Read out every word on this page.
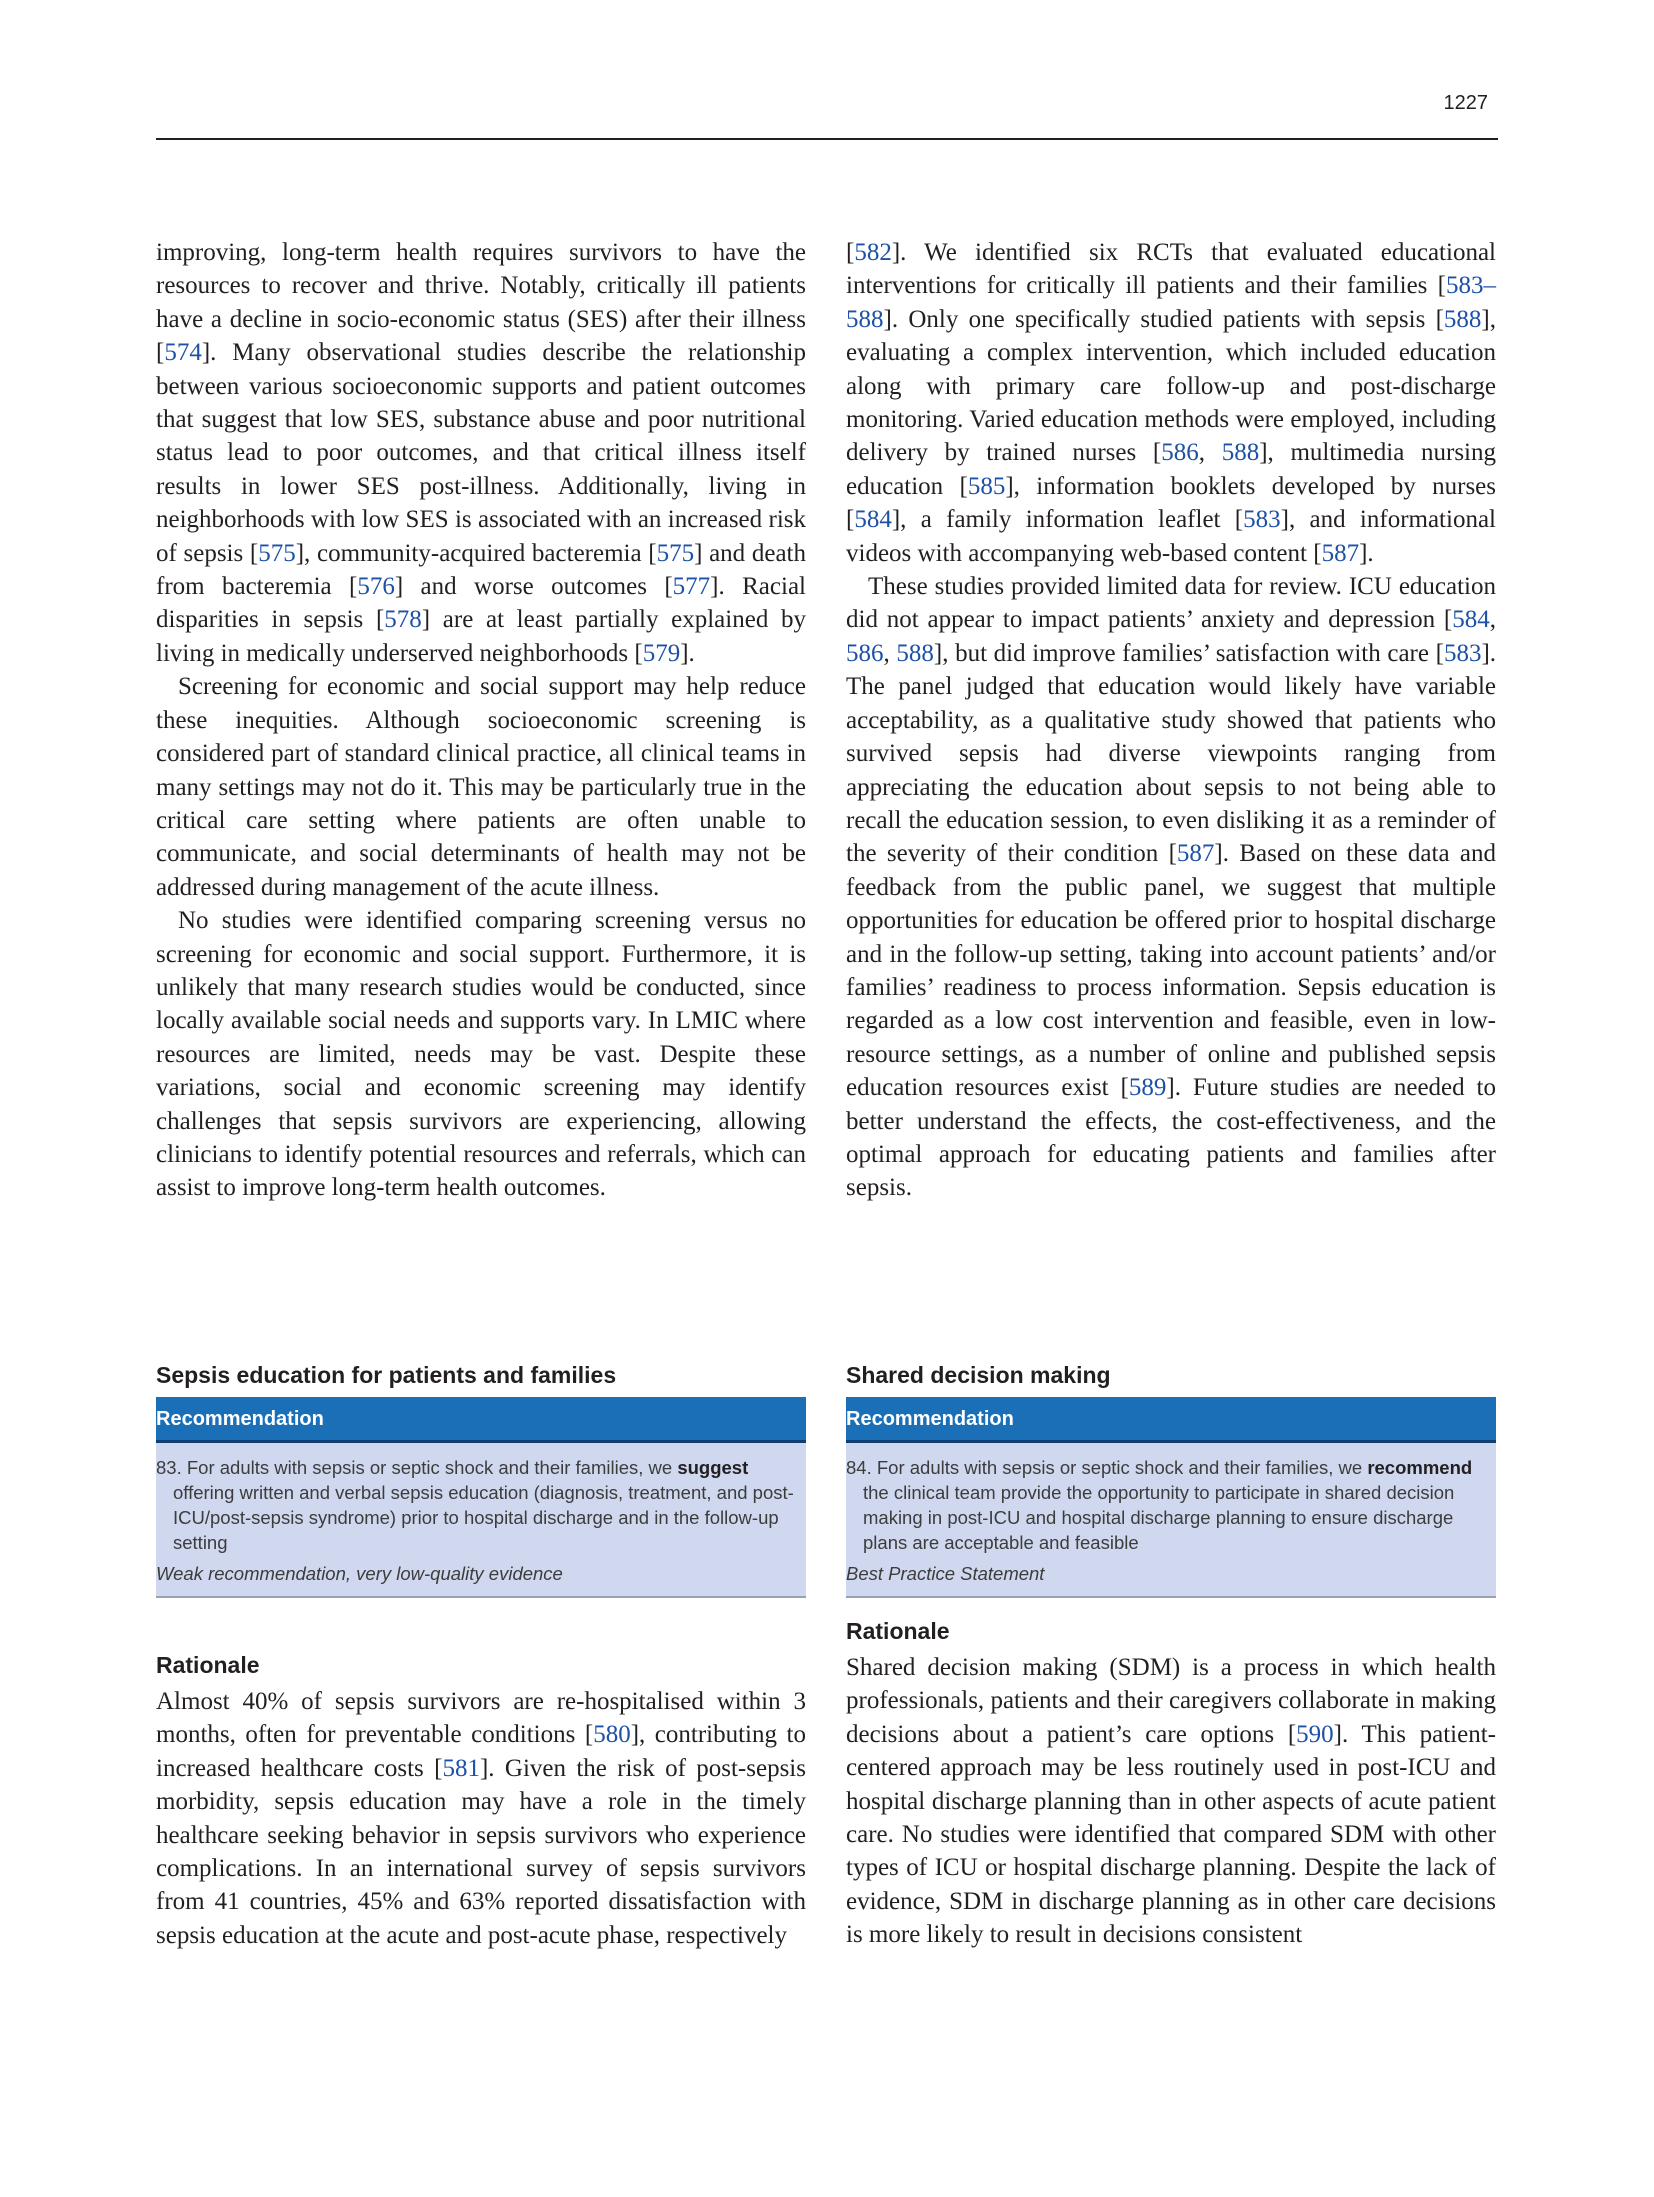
1227

improving, long-term health requires survivors to have the resources to recover and thrive. Notably, critically ill patients have a decline in socio-economic status (SES) after their illness [574]. Many observational studies describe the relationship between various socioeconomic supports and patient outcomes that suggest that low SES, substance abuse and poor nutritional status lead to poor outcomes, and that critical illness itself results in lower SES post-illness. Additionally, living in neighborhoods with low SES is associated with an increased risk of sepsis [575], community-acquired bacteremia [575] and death from bacteremia [576] and worse outcomes [577]. Racial disparities in sepsis [578] are at least partially explained by living in medically underserved neighborhoods [579].

Screening for economic and social support may help reduce these inequities. Although socioeconomic screening is considered part of standard clinical practice, all clinical teams in many settings may not do it. This may be particularly true in the critical care setting where patients are often unable to communicate, and social determinants of health may not be addressed during management of the acute illness.

No studies were identified comparing screening versus no screening for economic and social support. Furthermore, it is unlikely that many research studies would be conducted, since locally available social needs and supports vary. In LMIC where resources are limited, needs may be vast. Despite these variations, social and economic screening may identify challenges that sepsis survivors are experiencing, allowing clinicians to identify potential resources and referrals, which can assist to improve long-term health outcomes.

[582]. We identified six RCTs that evaluated educational interventions for critically ill patients and their families [583–588]. Only one specifically studied patients with sepsis [588], evaluating a complex intervention, which included education along with primary care follow-up and post-discharge monitoring. Varied education methods were employed, including delivery by trained nurses [586, 588], multimedia nursing education [585], information booklets developed by nurses [584], a family information leaflet [583], and informational videos with accompanying web-based content [587].

These studies provided limited data for review. ICU education did not appear to impact patients’ anxiety and depression [584, 586, 588], but did improve families’ satisfaction with care [583]. The panel judged that education would likely have variable acceptability, as a qualitative study showed that patients who survived sepsis had diverse viewpoints ranging from appreciating the education about sepsis to not being able to recall the education session, to even disliking it as a reminder of the severity of their condition [587]. Based on these data and feedback from the public panel, we suggest that multiple opportunities for education be offered prior to hospital discharge and in the follow-up setting, taking into account patients’ and/or families’ readiness to process information. Sepsis education is regarded as a low cost intervention and feasible, even in low-resource settings, as a number of online and published sepsis education resources exist [589]. Future studies are needed to better understand the effects, the cost-effectiveness, and the optimal approach for educating patients and families after sepsis.

Sepsis education for patients and families
Recommendation

83. For adults with sepsis or septic shock and their families, we suggest offering written and verbal sepsis education (diagnosis, treatment, and post-ICU/post-sepsis syndrome) prior to hospital discharge and in the follow-up setting

Weak recommendation, very low-quality evidence
Shared decision making
Recommendation

84. For adults with sepsis or septic shock and their families, we recommend the clinical team provide the opportunity to participate in shared decision making in post-ICU and hospital discharge planning to ensure discharge plans are acceptable and feasible

Best Practice Statement
Rationale

Almost 40% of sepsis survivors are re-hospitalised within 3 months, often for preventable conditions [580], contributing to increased healthcare costs [581]. Given the risk of post-sepsis morbidity, sepsis education may have a role in the timely healthcare seeking behavior in sepsis survivors who experience complications. In an international survey of sepsis survivors from 41 countries, 45% and 63% reported dissatisfaction with sepsis education at the acute and post-acute phase, respectively

Rationale

Shared decision making (SDM) is a process in which health professionals, patients and their caregivers collaborate in making decisions about a patient’s care options [590]. This patient-centered approach may be less routinely used in post-ICU and hospital discharge planning than in other aspects of acute patient care. No studies were identified that compared SDM with other types of ICU or hospital discharge planning. Despite the lack of evidence, SDM in discharge planning as in other care decisions is more likely to result in decisions consistent
